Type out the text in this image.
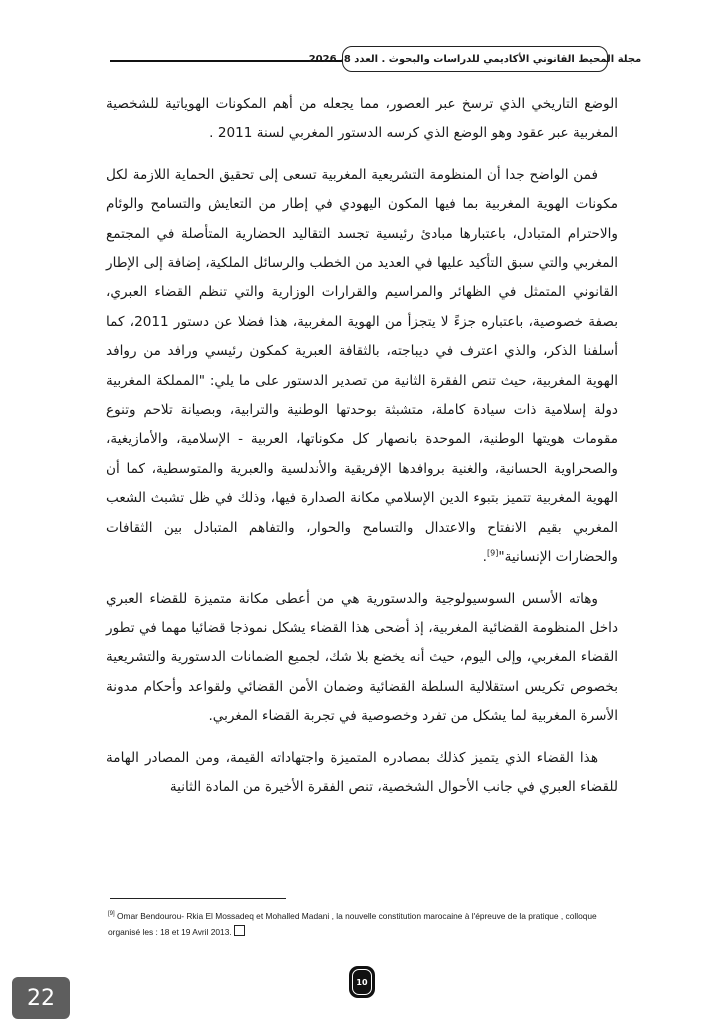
مجلة المحيط القانوني الأكاديمي للدراسات والبحوث . العدد 8، 2026

الوضع التاريخي الذي ترسخ عبر العصور، مما يجعله من أهم المكونات الهوياتية للشخصية المغربية عبر عقود وهو الوضع الذي كرسه الدستور المغربي لسنة 2011 .

فمن الواضح جدا أن المنظومة التشريعية المغربية تسعى إلى تحقيق الحماية اللازمة لكل مكونات الهوية المغربية بما فيها المكون اليهودي في إطار من التعايش والتسامح والوئام والاحترام المتبادل، باعتبارها مبادئ رئيسية تجسد التقاليد الحضارية المتأصلة في المجتمع المغربي والتي سبق التأكيد عليها في العديد من الخطب والرسائل الملكية، إضافة إلى الإطار القانوني المتمثل في الظهائر والمراسيم والقرارات الوزارية والتي تنظم القضاء العبري، بصفة خصوصية، باعتباره جزءً لا يتجزأ من الهوية المغربية، هذا فضلا عن دستور 2011، كما أسلفنا الذكر، والذي اعترف في ديباجته، بالثقافة العبرية كمكون رئيسي ورافد من روافد الهوية المغربية، حيث تنص الفقرة الثانية من تصدير الدستور على ما يلي: "المملكة المغربية دولة إسلامية ذات سيادة كاملة، متشبثة بوحدتها الوطنية والترابية، وبصيانة تلاحم وتنوع مقومات هويتها الوطنية، الموحدة بانصهار كل مكوناتها، العربية - الإسلامية، والأمازيغية، والصحراوية الحسانية، والغنية بروافدها الإفريقية والأندلسية والعبرية والمتوسطية، كما أن الهوية المغربية تتميز بتبوء الدين الإسلامي مكانة الصدارة فيها، وذلك في ظل تشبث الشعب المغربي بقيم الانفتاح والاعتدال والتسامح والحوار، والتفاهم المتبادل بين الثقافات والحضارات الإنسانية"[9].

وهاته الأسس السوسيولوجية والدستورية هي من أعطى مكانة متميزة للقضاء العبري داخل المنظومة القضائية المغربية، إذ أضحى هذا القضاء يشكل نموذجا قضائيا مهما في تطور القضاء المغربي، وإلى اليوم، حيث أنه يخضع بلا شك، لجميع الضمانات الدستورية والتشريعية بخصوص تكريس استقلالية السلطة القضائية وضمان الأمن القضائي ولقواعد وأحكام مدونة الأسرة المغربية لما يشكل من تفرد وخصوصية في تجربة القضاء المغربي.

هذا القضاء الذي يتميز كذلك بمصادره المتميزة واجتهاداته القيمة، ومن المصادر الهامة للقضاء العبري في جانب الأحوال الشخصية، تنص الفقرة الأخيرة من المادة الثانية

[9] Omar Bendourou- Rkia El Mossadeq et Mohalled Madani , la nouvelle constitution marocaine à l'épreuve de la pratique , colloque organisé les : 18 et 19 Avril 2013.
10
22
